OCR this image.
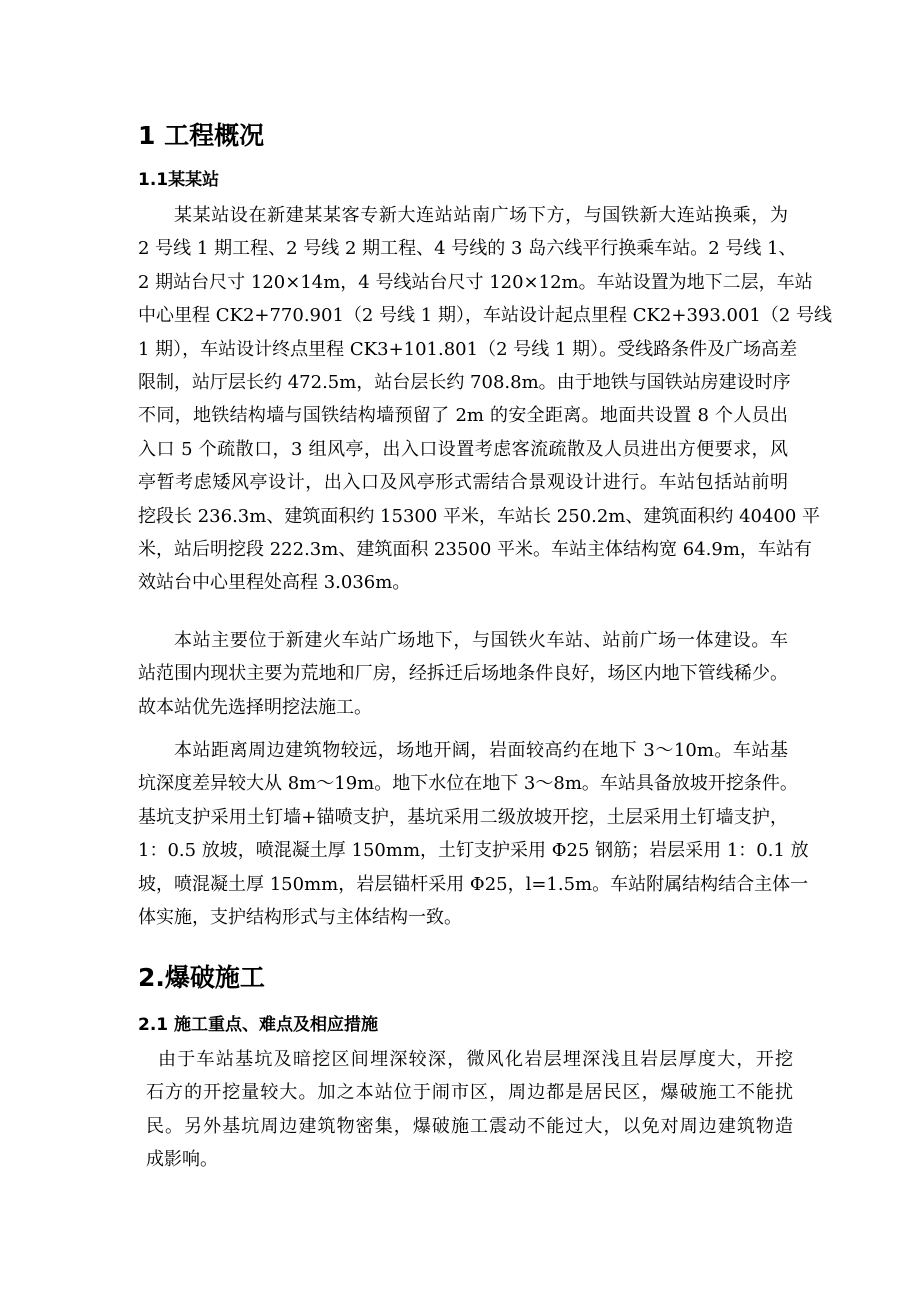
1 工程概况
1.1某某站
某某站设在新建某某客专新大连站站南广场下方，与国铁新大连站换乘，为
2 号线 1 期工程、2 号线 2 期工程、4 号线的 3 岛六线平行换乘车站。2 号线 1、
2 期站台尺寸 120×14m，4 号线站台尺寸 120×12m。车站设置为地下二层，车站
中心里程 CK2+770.901（2 号线 1 期），车站设计起点里程 CK2+393.001（2 号线
1 期），车站设计终点里程 CK3+101.801（2 号线 1 期）。受线路条件及广场高差
限制，站厅层长约 472.5m，站台层长约 708.8m。由于地铁与国铁站房建设时序
不同，地铁结构墙与国铁结构墙预留了 2m 的安全距离。地面共设置 8 个人员出
入口 5 个疏散口，3 组风亭，出入口设置考虑客流疏散及人员进出方便要求，风
亭暂考虑矮风亭设计，出入口及风亭形式需结合景观设计进行。车站包括站前明
挖段长 236.3m、建筑面积约 15300 平米，车站长 250.2m、建筑面积约 40400 平
米，站后明挖段 222.3m、建筑面积 23500 平米。车站主体结构宽 64.9m，车站有
效站台中心里程处高程 3.036m。
本站主要位于新建火车站广场地下，与国铁火车站、站前广场一体建设。车
站范围内现状主要为荒地和厂房，经拆迁后场地条件良好，场区内地下管线稀少。
故本站优先选择明挖法施工。
本站距离周边建筑物较远，场地开阔，岩面较高约在地下 3～10m。车站基
坑深度差异较大从 8m～19m。地下水位在地下 3～8m。车站具备放坡开挖条件。
基坑支护采用土钉墙+锚喷支护，基坑采用二级放坡开挖，土层采用土钉墙支护，
1：0.5 放坡，喷混凝土厚 150mm，土钉支护采用 Φ25 钢筋；岩层采用 1：0.1 放
坡，喷混凝土厚 150mm，岩层锚杆采用 Φ25，l=1.5m。车站附属结构结合主体一
体实施，支护结构形式与主体结构一致。
2.爆破施工
2.1 施工重点、难点及相应措施
由于车站基坑及暗挖区间埋深较深，微风化岩层埋深浅且岩层厚度大，开挖
石方的开挖量较大。加之本站位于闹市区，周边都是居民区，爆破施工不能扰
民。另外基坑周边建筑物密集，爆破施工震动不能过大，以免对周边建筑物造
成影响。
